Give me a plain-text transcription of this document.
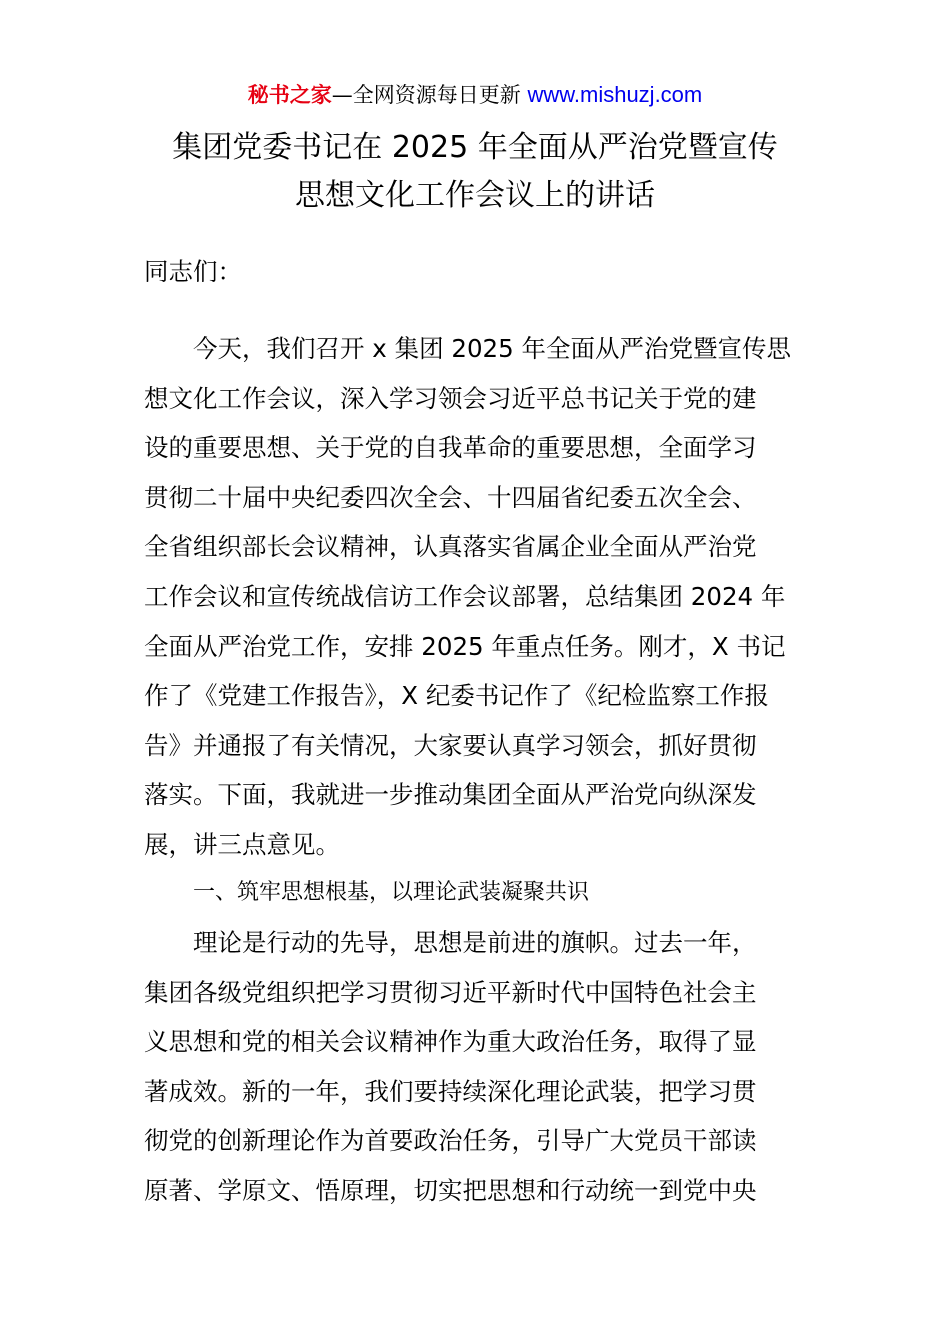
秘书之家—全网资源每日更新 www.mishuzj.com
集团党委书记在 2025 年全面从严治党暨宣传
思想文化工作会议上的讲话
同志们：
今天，我们召开 x 集团 2025 年全面从严治党暨宣传思
想文化工作会议，深入学习领会习近平总书记关于党的建
设的重要思想、关于党的自我革命的重要思想，全面学习
贯彻二十届中央纪委四次全会、十四届省纪委五次全会、
全省组织部长会议精神，认真落实省属企业全面从严治党
工作会议和宣传统战信访工作会议部署，总结集团 2024 年
全面从严治党工作，安排 2025 年重点任务。刚才，X 书记
作了《党建工作报告》，X 纪委书记作了《纪检监察工作报
告》并通报了有关情况，大家要认真学习领会，抓好贯彻
落实。下面，我就进一步推动集团全面从严治党向纵深发
展，讲三点意见。
一、筑牢思想根基，以理论武装凝聚共识
理论是行动的先导，思想是前进的旗帜。过去一年，
集团各级党组织把学习贯彻习近平新时代中国特色社会主
义思想和党的相关会议精神作为重大政治任务，取得了显
著成效。新的一年，我们要持续深化理论武装，把学习贯
彻党的创新理论作为首要政治任务，引导广大党员干部读
原著、学原文、悟原理，切实把思想和行动统一到党中央
